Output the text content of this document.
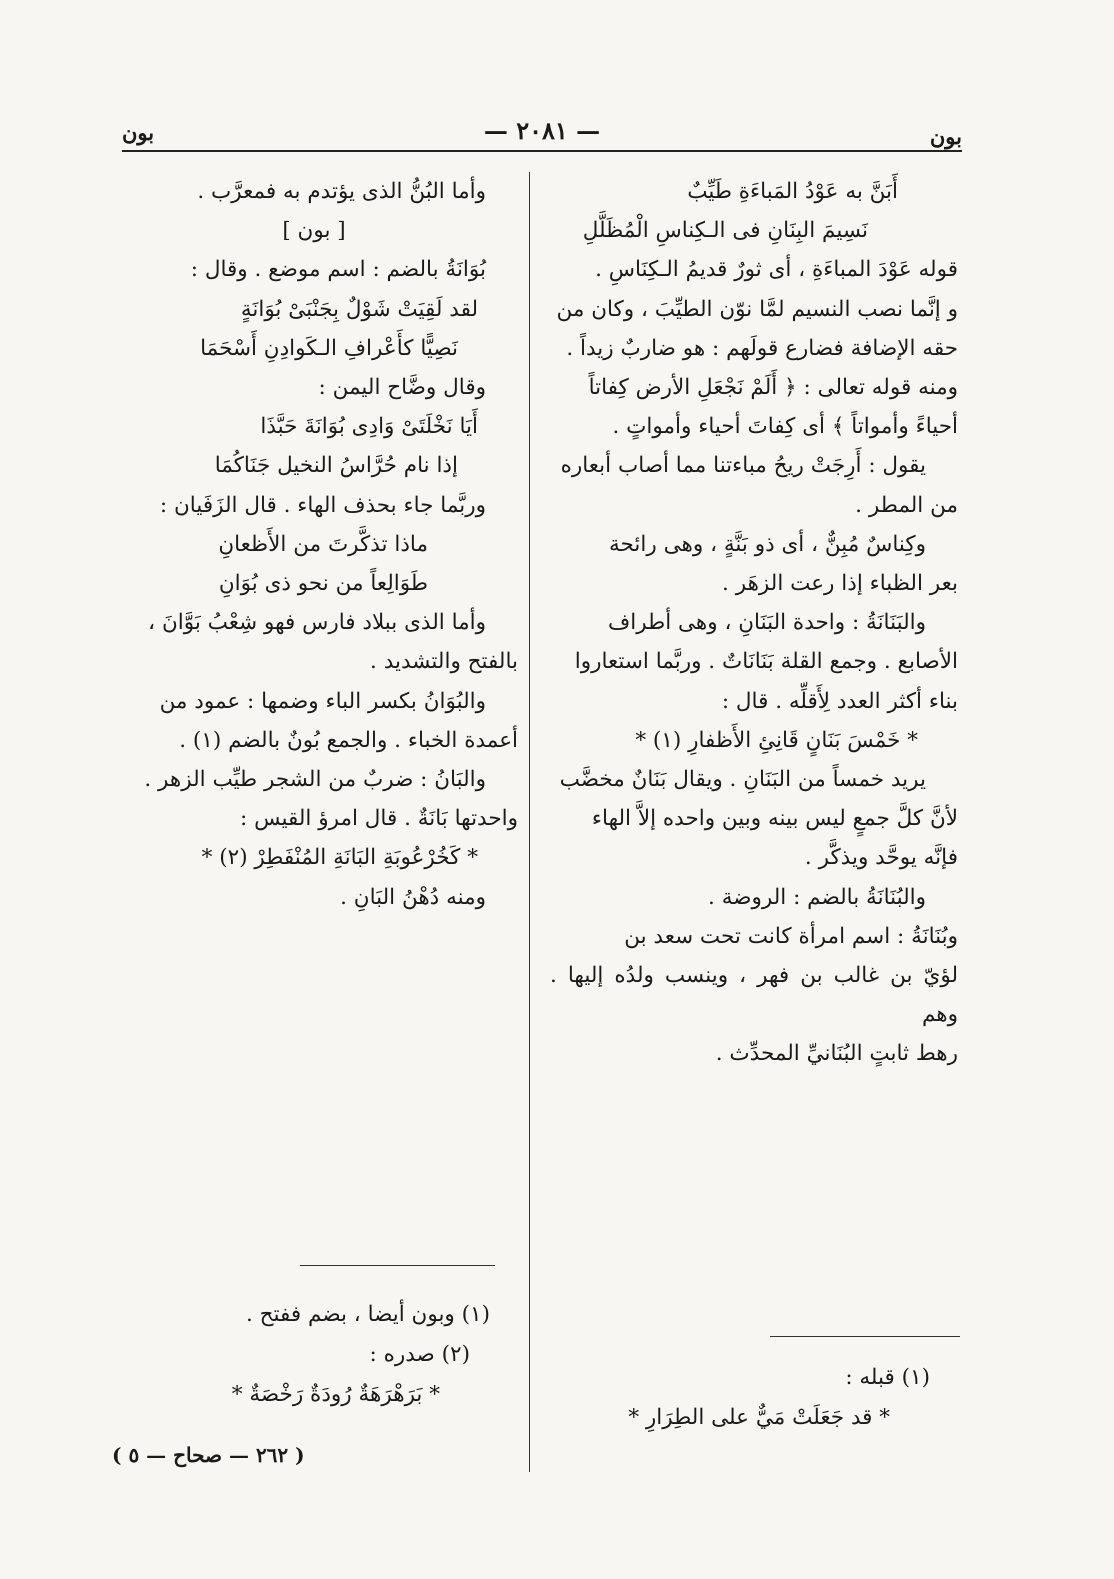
بون
— ٢٠٨١ —
بون
أَبَنَّ به عَوْدُ المَباءَةِ طَيِّبٌ
نَسِيمَ البِنَانِ فى الـكِناسِ الْمُظَلَّلِ
قوله عَوْدَ المباءَةِ ، أى ثورٌ قديمُ الـكِنَاسِ .
و إنَّما نصب النسيم لمَّا نوّن الطيِّبَ ، وكان من
حقه الإضافة فضارع قولَهم : هو ضاربٌ زيداً .
ومنه قوله تعالى : ﴿ أَلَمْ نَجْعَلِ الأرض كِفاتاً
أحياءً وأمواتاً ﴾ أى كِفاتَ أحياء وأمواتٍ .
يقول : أَرِجَتْ ريحُ مباءتنا مما أصاب أبعاره
من المطر .
وكِناسٌ مُبِنٌّ ، أى ذو بَنَّةٍ ، وهى رائحة
بعر الظباء إذا رعت الزهَر .
والبَنَانَةُ : واحدة البَنَانِ ، وهى أطراف
الأصابع . وجمع القلة بَنَانَاتٌ . وربَّما استعاروا
بناء أكثر العدد لِأَقلِّه . قال :
* خَمْسَ بَنَانٍ قَانِئِ الأَظفارِ (١) *
يريد خمساً من البَنَانِ . ويقال بَنَانٌ مخضَّب
لأنَّ كلَّ جمعٍ ليس بينه وبين واحده إلاَّ الهاء
فإنَّه يوحَّد ويذكَّر .
والبُنَانَةُ بالضم : الروضة .
وبُنَانَةُ : اسم امرأة كانت تحت سعد بن
لؤيّ بن غالب بن فهر ، وينسب ولدُه إليها . وهم
رهط ثابتٍ البُنَانيِّ المحدِّث .
(١) قبله :
* قد جَعَلَتْ مَيٌّ على الطِرَارِ *
وأما البُنُّ الذى يؤتدم به فمعرَّب .
[ بون ]
بُوَانَةُ بالضم : اسم موضع . وقال :
لقد لَقِيَتْ شَوْلٌ بِجَنْبَىْ بُوَانَةٍ
نَصِيًّا كأَعْرافِ الـكَوادِنِ أَسْحَمَا
وقال وضَّاح اليمن :
أَيَا نَخْلَتَىْ وَادِى بُوَانَةَ حَبَّذَا
إذا نام حُرَّاسُ النخيل جَنَاكُمَا
وربَّما جاء بحذف الهاء . قال الزَفَيان :
ماذا تذكَّرتَ من الأَظعانِ
طَوَالِعاً من نحو ذى بُوَانِ
وأما الذى ببلاد فارس فهو شِعْبُ بَوَّانَ ،
بالفتح والتشديد .
والبُوَانُ بكسر الباء وضمها : عمود من
أعمدة الخباء . والجمع بُونٌ بالضم (١) .
والبَانُ : ضربٌ من الشجر طيِّب الزهر .
واحدتها بَانَةٌ . قال امرؤ القيس :
* كَخُرْعُوبَةِ البَانَةِ المُنْفَطِرْ (٢) *
ومنه دُهْنُ البَانِ .
(١) وبون أيضا ، بضم ففتح .
(٢) صدره :
* بَرَهْرَهَةٌ رُودَةٌ رَخْصَةٌ *
( ٢٦٢ — صحاح — ٥ )
